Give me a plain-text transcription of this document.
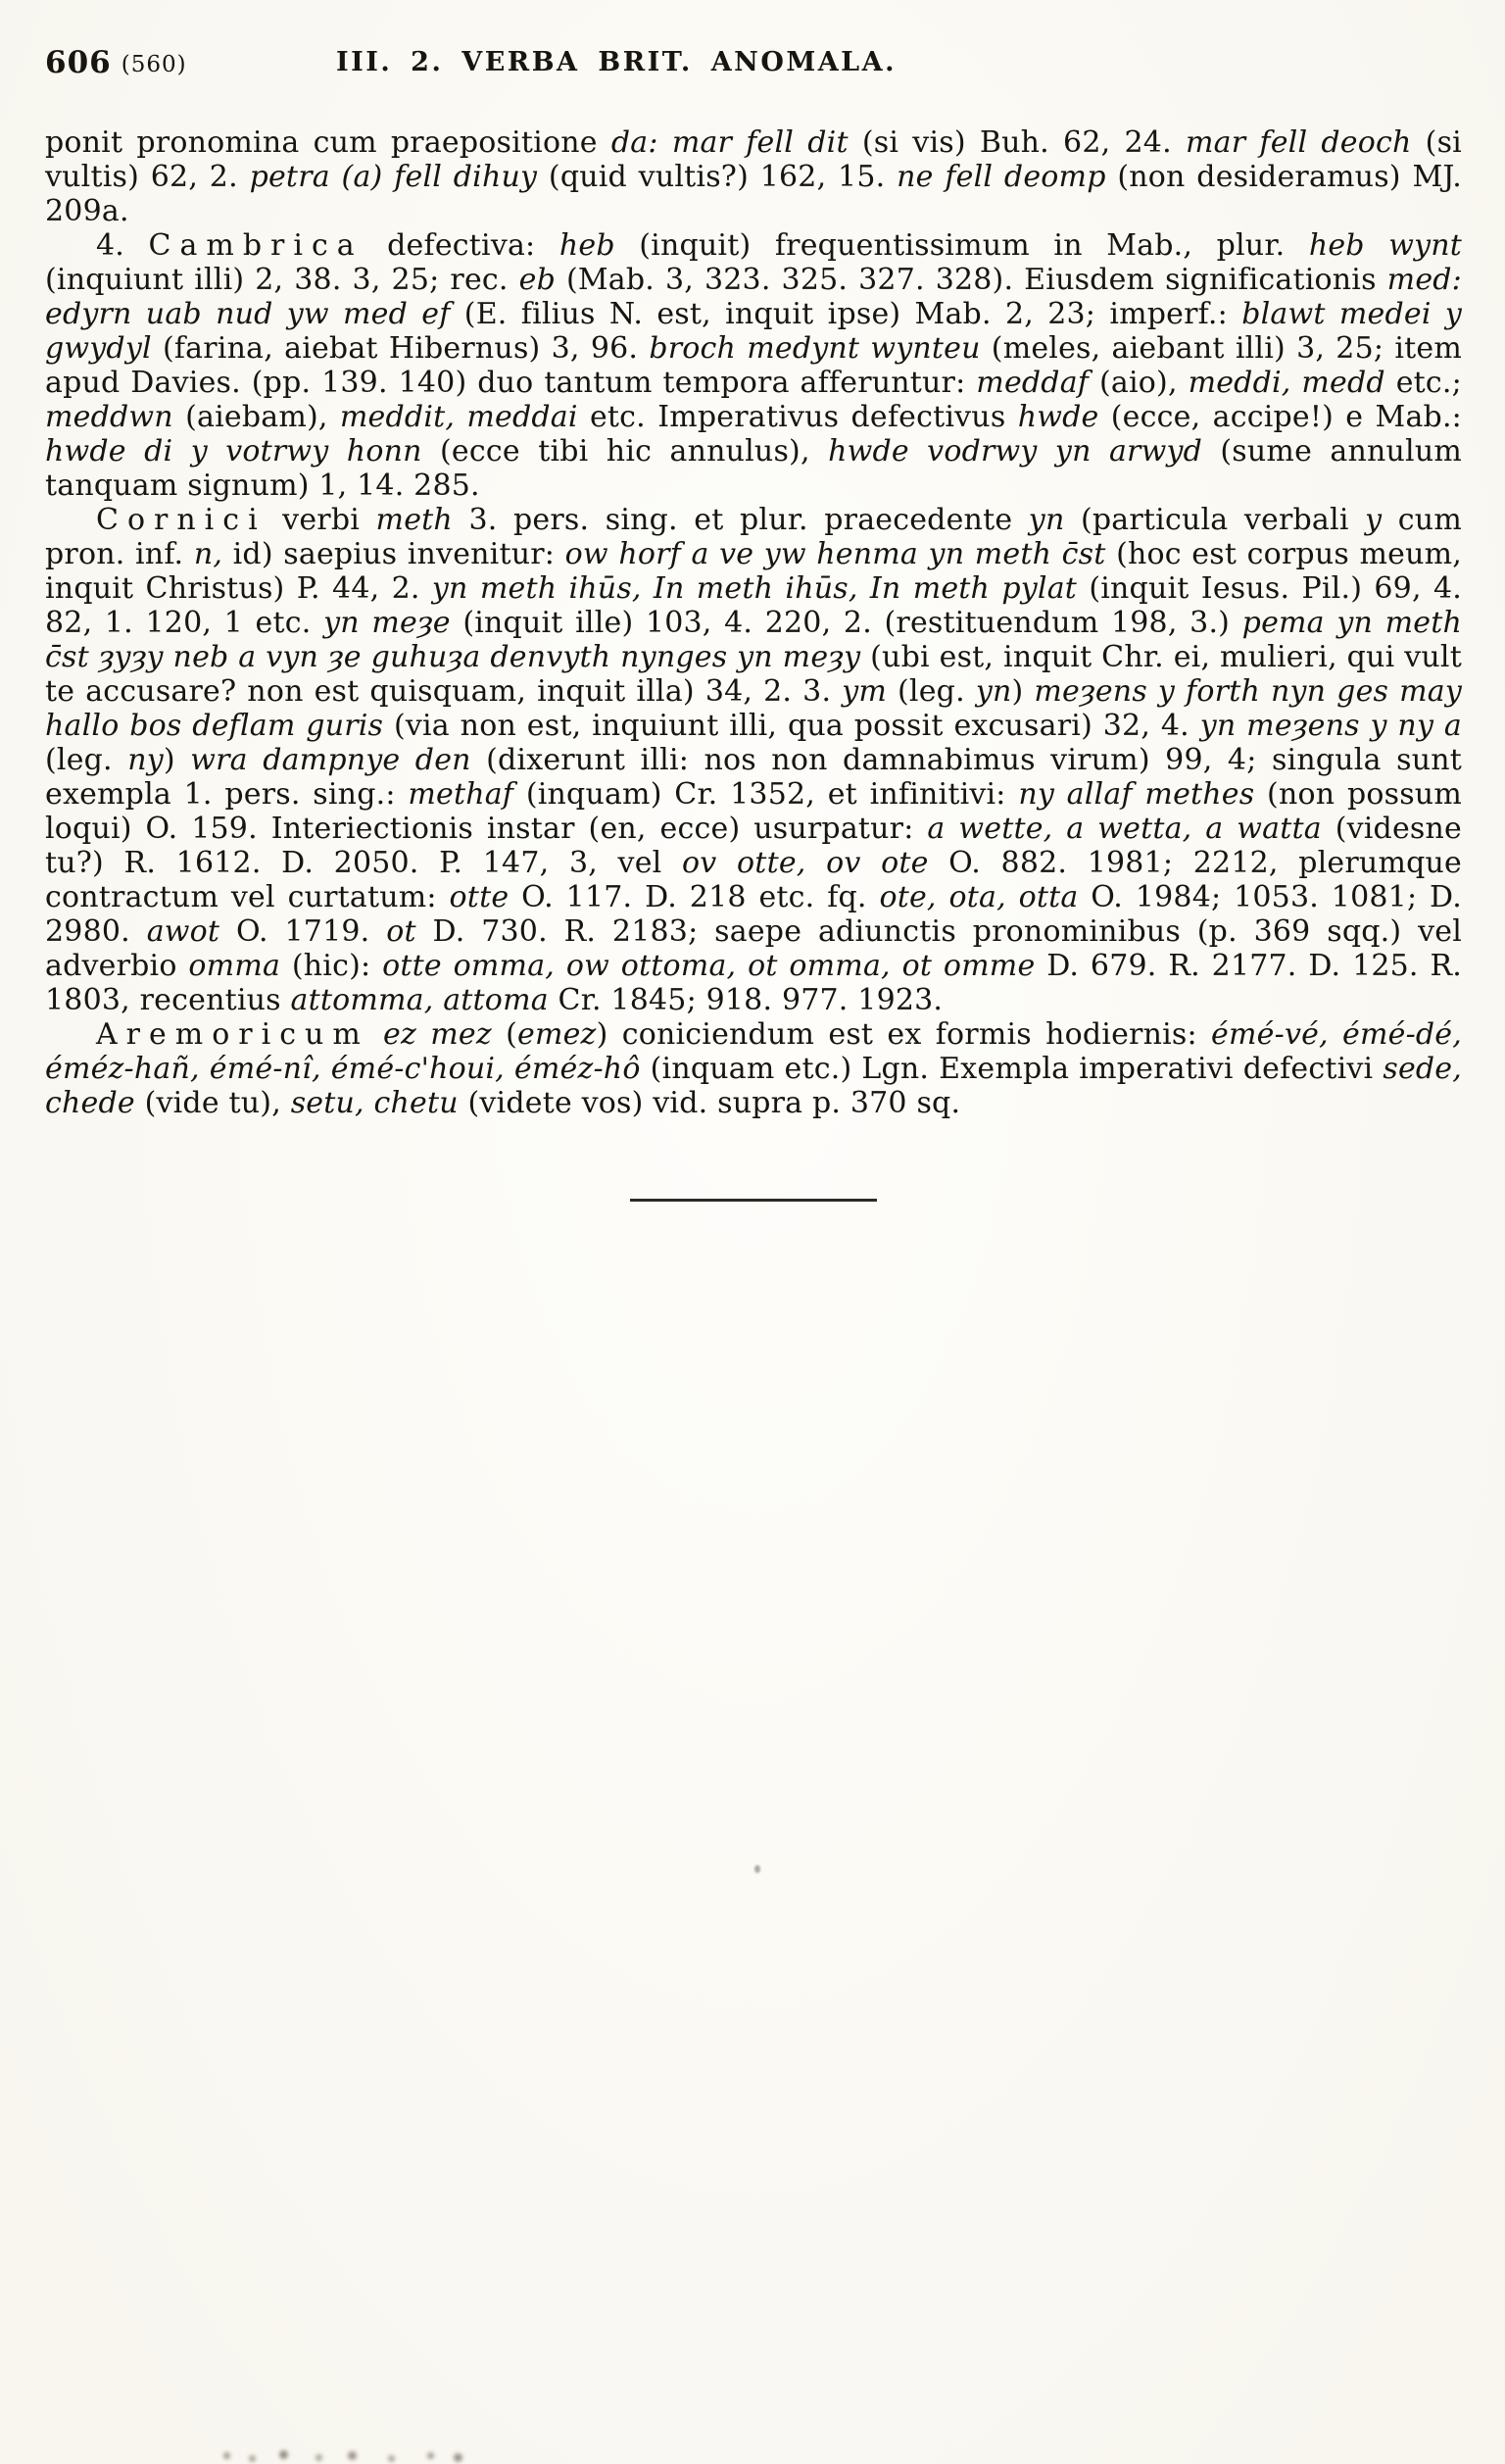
606 (560)	III. 2. VERBA BRIT. ANOMALA.

ponit pronomina cum praepositione da: mar fell dit (si vis) Buh. 62, 24. mar fell deoch (si vultis) 62, 2. petra (a) fell dihuy (quid vultis?) 162, 15. ne fell deomp (non desideramus) MJ. 209a.

4. Cambrica defectiva: heb (inquit) frequentissimum in Mab., plur. heb wynt (inquiunt illi) 2, 38. 3, 25; rec. eb (Mab. 3, 323. 325. 327. 328). Eiusdem significationis med: edyrn uab nud yw med ef (E. filius N. est, inquit ipse) Mab. 2, 23; imperf.: blawt medei y gwydyl (farina, aiebat Hibernus) 3, 96. broch medynt wynteu (meles, aiebant illi) 3, 25; item apud Davies. (pp. 139. 140) duo tantum tempora afferuntur: meddaf (aio), meddi, medd etc.; meddwn (aiebam), meddit, meddai etc. Imperativus defectivus hwde (ecce, accipe!) e Mab.: hwde di y votrwy honn (ecce tibi hic annulus), hwde vodrwy yn arwyd (sume annulum tanquam signum) 1, 14. 285.

Cornici verbi meth 3. pers. sing. et plur. praecedente yn (particula verbali y cum pron. inf. n, id) saepius invenitur: ow horf a ve yw henma yn meth c̄st (hoc est corpus meum, inquit Christus) P. 44, 2. yn meth ihūs, In meth ihūs, In meth pylat (inquit Iesus. Pil.) 69, 4. 82, 1. 120, 1 etc. yn meȝe (inquit ille) 103, 4. 220, 2. (restituendum 198, 3.) pema yn meth c̄st ȝyȝy neb a vyn ȝe guhuȝa denvyth nynges yn meȝy (ubi est, inquit Chr. ei, mulieri, qui vult te accusare? non est quisquam, inquit illa) 34, 2. 3. ym (leg. yn) meȝens y forth nyn ges may hallo bos deflam guris (via non est, inquiunt illi, qua possit excusari) 32, 4. yn meȝens y ny a (leg. ny) wra dampnye den (dixerunt illi: nos non damnabimus virum) 99, 4; singula sunt exempla 1. pers. sing.: methaf (inquam) Cr. 1352, et infinitivi: ny allaf methes (non possum loqui) O. 159. Interiectionis instar (en, ecce) usurpatur: a wette, a wetta, a watta (videsne tu?) R. 1612. D. 2050. P. 147, 3, vel ov otte, ov ote O. 882. 1981; 2212, plerumque contractum vel curtatum: otte O. 117. D. 218 etc. fq. ote, ota, otta O. 1984; 1053. 1081; D. 2980. awot O. 1719. ot D. 730. R. 2183; saepe adiunctis pronominibus (p. 369 sqq.) vel adverbio omma (hic): otte omma, ow ottoma, ot omma, ot omme D. 679. R. 2177. D. 125. R. 1803, recentius attomma, attoma Cr. 1845; 918. 977. 1923.

Aremoricum ez mez (emez) coniciendum est ex formis hodiernis: émé-vé, émé-dé, éméz-hañ, émé-nî, émé-c'houi, éméz-hô (inquam etc.) Lgn. Exempla imperativi defectivi sede, chede (vide tu), setu, chetu (videte vos) vid. supra p. 370 sq.
